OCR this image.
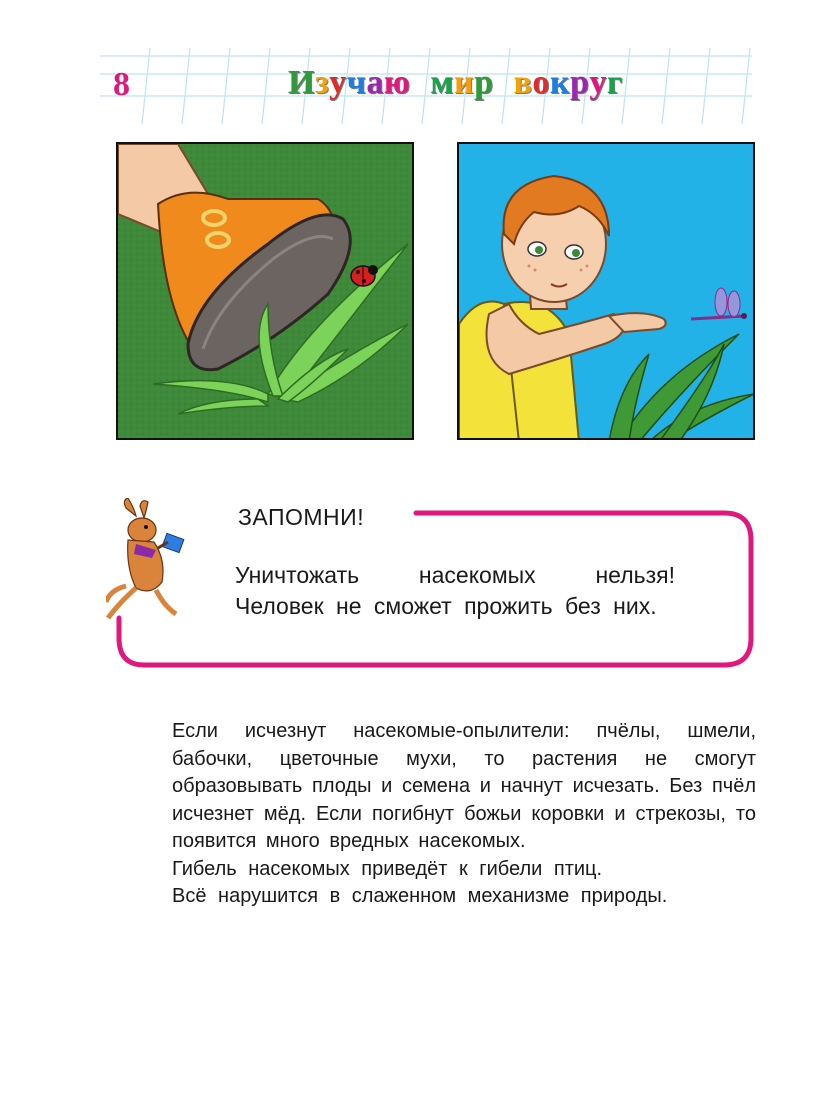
8	Изучаю мир вокруг
ЗАПОМНИ!
Уничтожать насекомых нельзя! Человек не сможет прожить без них.

Если исчезнут насекомые-опылители: пчёлы, шмели, бабочки, цветочные мухи, то растения не смогут образовывать плоды и семена и начнут исчезать. Без пчёл исчезнет мёд. Если погибнут божьи коровки и стрекозы, то появится много вредных насекомых.

Гибель насекомых приведёт к гибели птиц.

Всё нарушится в слаженном механизме природы.
